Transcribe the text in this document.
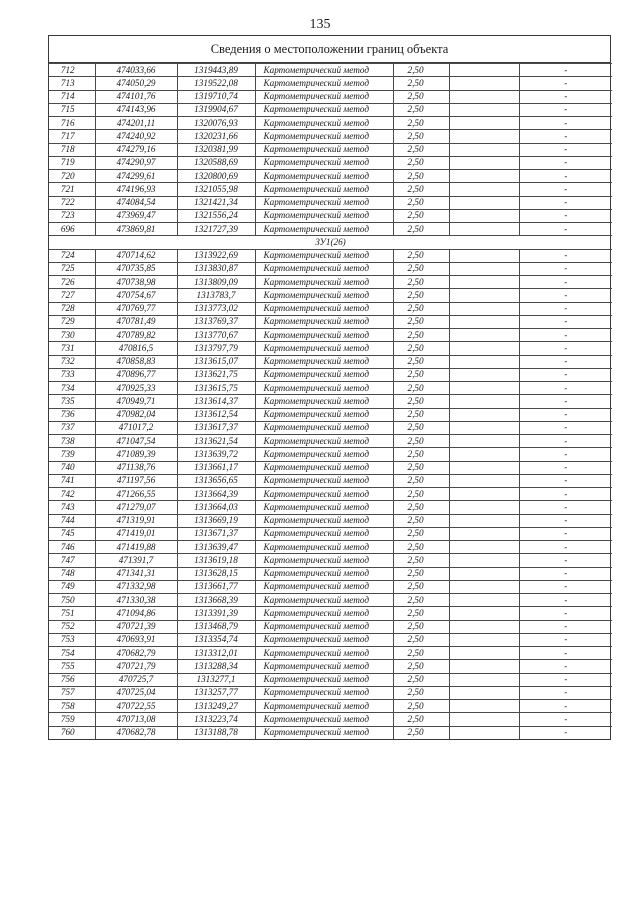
135
Сведения о местоположении границ объекта
712	474033,66	1319443,89	Картометрический метод	2,50		-
713	474050,29	1319522,08	Картометрический метод	2,50		-
714	474101,76	1319710,74	Картометрический метод	2,50		-
715	474143,96	1319904,67	Картометрический метод	2,50		-
716	474201,11	1320076,93	Картометрический метод	2,50		-
717	474240,92	1320231,66	Картометрический метод	2,50		-
718	474279,16	1320381,99	Картометрический метод	2,50		-
719	474290,97	1320588,69	Картометрический метод	2,50		-
720	474299,61	1320800,69	Картометрический метод	2,50		-
721	474196,93	1321055,98	Картометрический метод	2,50		-
722	474084,54	1321421,34	Картометрический метод	2,50		-
723	473969,47	1321556,24	Картометрический метод	2,50		-
696	473869,81	1321727,39	Картометрический метод	2,50		-
ЗУ1(26)						
724	470714,62	1313922,69	Картометрический метод	2,50		-
725	470735,85	1313830,87	Картометрический метод	2,50		-
726	470738,98	1313809,09	Картометрический метод	2,50		-
727	470754,67	1313783,7	Картометрический метод	2,50		-
728	470769,77	1313773,02	Картометрический метод	2,50		-
729	470781,49	1313769,37	Картометрический метод	2,50		-
730	470789,82	1313770,67	Картометрический метод	2,50		-
731	470816,5	1313797,79	Картометрический метод	2,50		-
732	470858,83	1313615,07	Картометрический метод	2,50		-
733	470896,77	1313621,75	Картометрический метод	2,50		-
734	470925,33	1313615,75	Картометрический метод	2,50		-
735	470949,71	1313614,37	Картометрический метод	2,50		-
736	470982,04	1313612,54	Картометрический метод	2,50		-
737	471017,2	1313617,37	Картометрический метод	2,50		-
738	471047,54	1313621,54	Картометрический метод	2,50		-
739	471089,39	1313639,72	Картометрический метод	2,50		-
740	471138,76	1313661,17	Картометрический метод	2,50		-
741	471197,56	1313656,65	Картометрический метод	2,50		-
742	471266,55	1313664,39	Картометрический метод	2,50		-
743	471279,07	1313664,03	Картометрический метод	2,50		-
744	471319,91	1313669,19	Картометрический метод	2,50		-
745	471419,01	1313671,37	Картометрический метод	2,50		-
746	471419,88	1313639,47	Картометрический метод	2,50		-
747	471391,7	1313619,18	Картометрический метод	2,50		-
748	471341,31	1313628,15	Картометрический метод	2,50		-
749	471332,98	1313661,77	Картометрический метод	2,50		-
750	471330,38	1313668,39	Картометрический метод	2,50		-
751	471094,86	1313391,39	Картометрический метод	2,50		-
752	470721,39	1313468,79	Картометрический метод	2,50		-
753	470693,91	1313354,74	Картометрический метод	2,50		-
754	470682,79	1313312,01	Картометрический метод	2,50		-
755	470721,79	1313288,34	Картометрический метод	2,50		-
756	470725,7	1313277,1	Картометрический метод	2,50		-
757	470725,04	1313257,77	Картометрический метод	2,50		-
758	470722,55	1313249,27	Картометрический метод	2,50		-
759	470713,08	1313223,74	Картометрический метод	2,50		-
760	470682,78	1313188,78	Картометрический метод	2,50		-
